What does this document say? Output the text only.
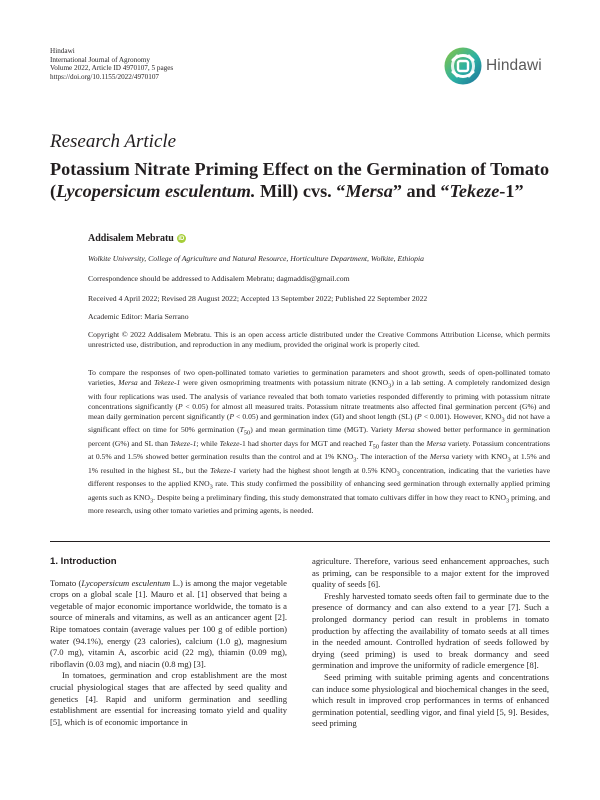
Hindawi
International Journal of Agronomy
Volume 2022, Article ID 4970107, 5 pages
https://doi.org/10.1155/2022/4970107
Hindawi
Research Article
Potassium Nitrate Priming Effect on the Germination of Tomato (Lycopersicum esculentum. Mill) cvs. “Mersa” and “Tekeze-1”
Addisalem Mebratu iD
Wolkite University, College of Agriculture and Natural Resource, Horticulture Department, Wolkite, Ethiopia
Correspondence should be addressed to Addisalem Mebratu; dagmaddis@gmail.com
Received 4 April 2022; Revised 28 August 2022; Accepted 13 September 2022; Published 22 September 2022
Academic Editor: Maria Serrano
Copyright © 2022 Addisalem Mebratu. This is an open access article distributed under the Creative Commons Attribution License, which permits unrestricted use, distribution, and reproduction in any medium, provided the original work is properly cited.

To compare the responses of two open-pollinated tomato varieties to germination parameters and shoot growth, seeds of open-pollinated tomato varieties, Mersa and Tekeze-1 were given osmopriming treatments with potassium nitrate $(KNO_3)$ in a lab setting. A completely randomized design with four replications was used. The analysis of variance revealed that both tomato varieties responded differently to priming with potassium nitrate concentrations significantly (P < 0.05) for almost all measured traits. Potassium nitrate treatments also affected final germination percent (G%) and mean daily germination percent significantly (P < 0.05) and germination index (GI) and shoot length (SL) (P < 0.001). However, $KNO_3$ did not have a significant effect on time for 50% germination $(T_{50})$ and mean germination time (MGT). Variety Mersa showed better performance in germination percent (G%) and SL than Tekeze-1; while Tekeze-1 had shorter days for MGT and reached $T_{50}$ faster than the Mersa variety. Potassium concentrations at 0.5% and 1.5% showed better germination results than the control and at 1% $KNO_3$. The interaction of the Mersa variety with $KNO_3$ at 1.5% and 1% resulted in the highest SL, but the Tekeze-1 variety had the highest shoot length at 0.5% $KNO_3$ concentration, indicating that the varieties have different responses to the applied $KNO_3$ rate. This study confirmed the possibility of enhancing seed germination through externally applied priming agents such as $KNO_3$. Despite being a preliminary finding, this study demonstrated that tomato cultivars differ in how they react to $KNO_3$ priming, and more research, using other tomato varieties and priming agents, is needed.

1. Introduction

Tomato (Lycopersicum esculentum L.) is among the major vegetable crops on a global scale [1]. Mauro et al. [1] observed that being a vegetable of major economic importance worldwide, the tomato is a source of minerals and vitamins, as well as an anticancer agent [2]. Ripe tomatoes contain (average values per 100 g of edible portion) water (94.1%), energy (23 calories), calcium (1.0 g), magnesium (7.0 mg), vitamin A, ascorbic acid (22 mg), thiamin (0.09 mg), riboflavin (0.03 mg), and niacin (0.8 mg) [3].

In tomatoes, germination and crop establishment are the most crucial physiological stages that are affected by seed quality and genetics [4]. Rapid and uniform germination and seedling establishment are essential for increasing tomato yield and quality [5], which is of economic importance in

agriculture. Therefore, various seed enhancement approaches, such as priming, can be responsible to a major extent for the improved quality of seeds [6].

Freshly harvested tomato seeds often fail to germinate due to the presence of dormancy and can also extend to a year [7]. Such a prolonged dormancy period can result in problems in tomato production by affecting the availability of tomato seeds at all times in the needed amount. Controlled hydration of seeds followed by drying (seed priming) is used to break dormancy and seed germination and improve the uniformity of radicle emergence [8].

Seed priming with suitable priming agents and concentrations can induce some physiological and biochemical changes in the seed, which result in improved crop performances in terms of enhanced germination potential, seedling vigor, and final yield [5, 9]. Besides, seed priming
